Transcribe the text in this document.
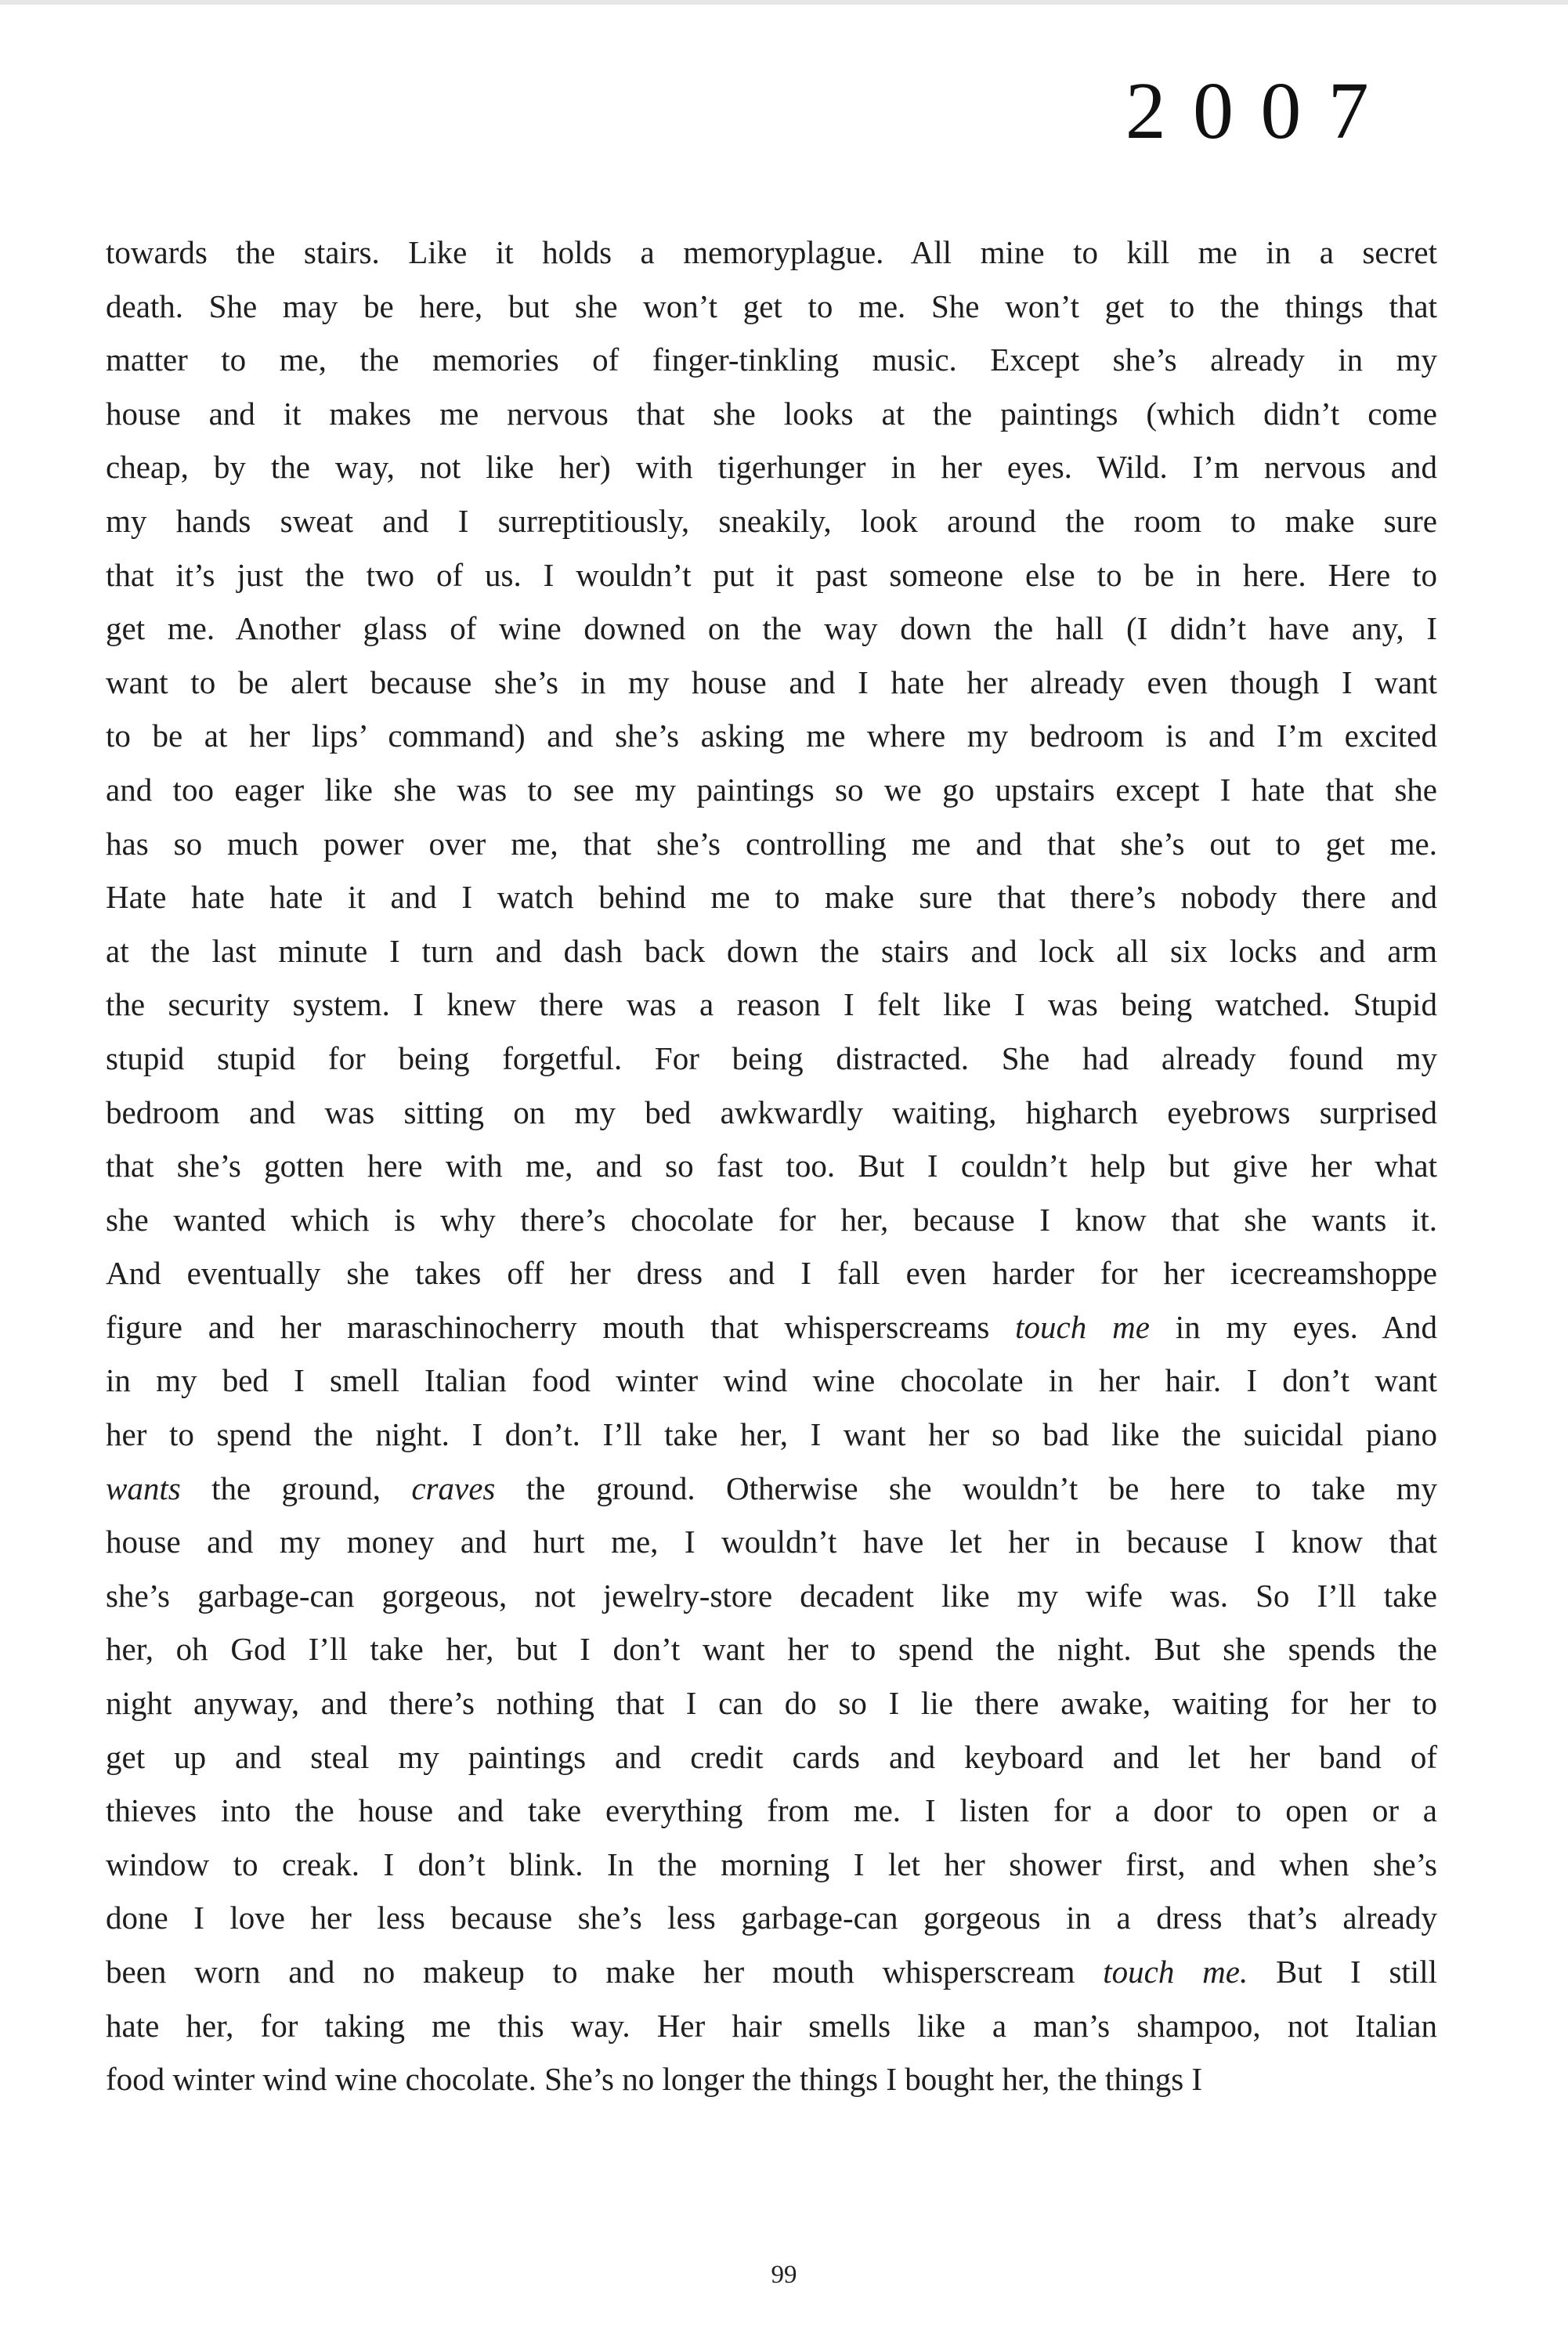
2007
towards the stairs. Like it holds a memoryplague. All mine to kill me in a secret
death. She may be here, but she won’t get to me. She won’t get to the things that
matter to me, the memories of finger-tinkling music. Except she’s already in my
house and it makes me nervous that she looks at the paintings (which didn’t come
cheap, by the way, not like her) with tigerhunger in her eyes. Wild. I’m nervous and
my hands sweat and I surreptitiously, sneakily, look around the room to make sure
that it’s just the two of us. I wouldn’t put it past someone else to be in here. Here to
get me. Another glass of wine downed on the way down the hall (I didn’t have any, I
want to be alert because she’s in my house and I hate her already even though I want
to be at her lips’ command) and she’s asking me where my bedroom is and I’m excited
and too eager like she was to see my paintings so we go upstairs except I hate that she
has so much power over me, that she’s controlling me and that she’s out to get me.
Hate hate hate it and I watch behind me to make sure that there’s nobody there and
at the last minute I turn and dash back down the stairs and lock all six locks and arm
the security system. I knew there was a reason I felt like I was being watched. Stupid
stupid stupid for being forgetful. For being distracted. She had already found my
bedroom and was sitting on my bed awkwardly waiting, higharch eyebrows surprised
that she’s gotten here with me, and so fast too. But I couldn’t help but give her what
she wanted which is why there’s chocolate for her, because I know that she wants it.
And eventually she takes off her dress and I fall even harder for her icecreamshoppe
figure and her maraschinocherry mouth that whisperscreams touch me in my eyes. And
in my bed I smell Italian food winter wind wine chocolate in her hair. I don’t want
her to spend the night. I don’t. I’ll take her, I want her so bad like the suicidal piano
wants the ground, craves the ground. Otherwise she wouldn’t be here to take my
house and my money and hurt me, I wouldn’t have let her in because I know that
she’s garbage-can gorgeous, not jewelry-store decadent like my wife was. So I’ll take
her, oh God I’ll take her, but I don’t want her to spend the night. But she spends the
night anyway, and there’s nothing that I can do so I lie there awake, waiting for her to
get up and steal my paintings and credit cards and keyboard and let her band of
thieves into the house and take everything from me. I listen for a door to open or a
window to creak. I don’t blink. In the morning I let her shower first, and when she’s
done I love her less because she’s less garbage-can gorgeous in a dress that’s already
been worn and no makeup to make her mouth whisperscream touch me. But I still
hate her, for taking me this way. Her hair smells like a man’s shampoo, not Italian
food winter wind wine chocolate. She’s no longer the things I bought her, the things I
99
